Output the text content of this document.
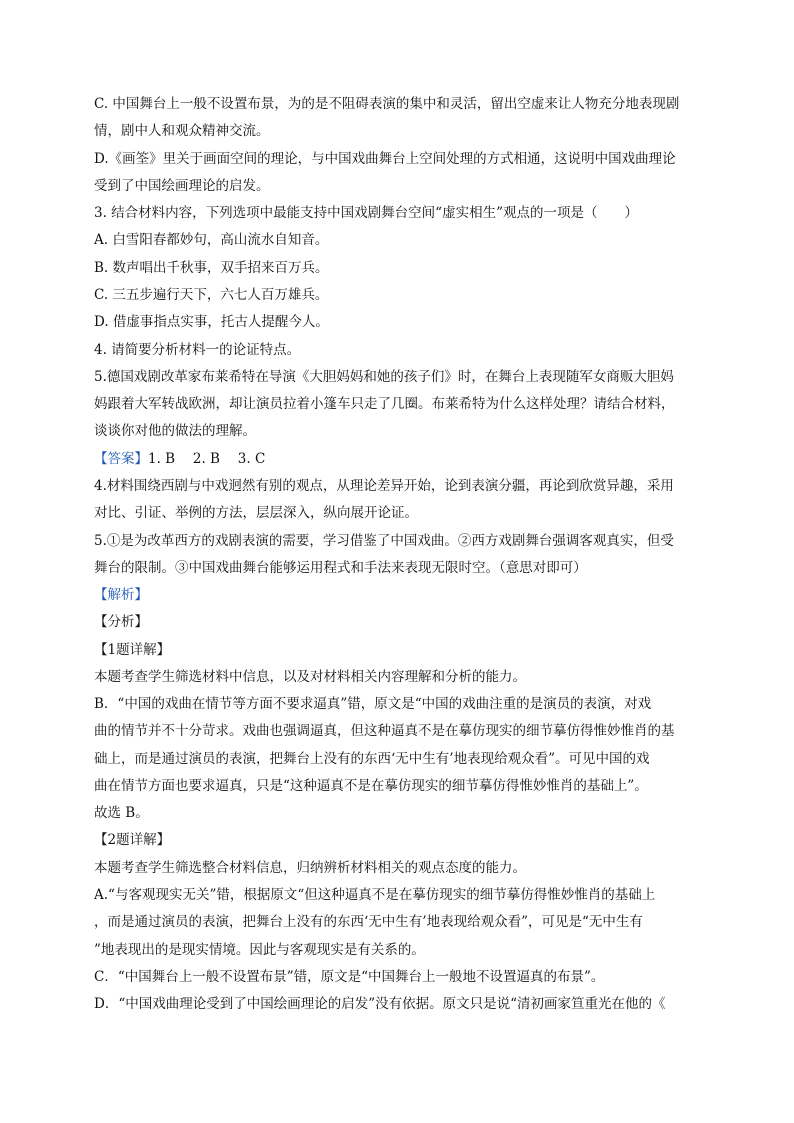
C. 中国舞台上一般不设置布景，为的是不阻碍表演的集中和灵活，留出空虚来让人物充分地表现剧
情，剧中人和观众精神交流。
D.《画筌》里关于画面空间的理论，与中国戏曲舞台上空间处理的方式相通，这说明中国戏曲理论
受到了中国绘画理论的启发。
3. 结合材料内容，下列选项中最能支持中国戏剧舞台空间“虚实相生”观点的一项是（　　）
A. 白雪阳春都妙句，高山流水自知音。
B. 数声唱出千秋事，双手招来百万兵。
C. 三五步遍行天下，六七人百万雄兵。
D. 借虚事指点实事，托古人提醒今人。
4. 请简要分析材料一的论证特点。
5.德国戏剧改革家布莱希特在导演《大胆妈妈和她的孩子们》时，在舞台上表现随军女商贩大胆妈
妈跟着大军转战欧洲，却让演员拉着小篷车只走了几圈。布莱希特为什么这样处理？请结合材料，
谈谈你对他的做法的理解。
【答案】1. B　 2. B　 3. C
4.材料围绕西剧与中戏迥然有别的观点，从理论差异开始，论到表演分疆，再论到欣赏异趣，采用
对比、引证、举例的方法，层层深入，纵向展开论证。
5.①是为改革西方的戏剧表演的需要，学习借鉴了中国戏曲。②西方戏剧舞台强调客观真实，但受
舞台的限制。③中国戏曲舞台能够运用程式和手法来表现无限时空。（意思对即可）
【解析】
【分析】
【1题详解】
本题考查学生筛选材料中信息，以及对材料相关内容理解和分析的能力。
B．“中国的戏曲在情节等方面不要求逼真”错，原文是“中国的戏曲注重的是演员的表演，对戏
曲的情节并不十分苛求。戏曲也强调逼真，但这种逼真不是在摹仿现实的细节摹仿得惟妙惟肖的基
础上，而是通过演员的表演，把舞台上没有的东西‘无中生有’地表现给观众看”。可见中国的戏
曲在情节方面也要求逼真，只是“这种逼真不是在摹仿现实的细节摹仿得惟妙惟肖的基础上”。
故选 B。
【2题详解】
本题考查学生筛选整合材料信息，归纳辨析材料相关的观点态度的能力。
A.“与客观现实无关”错，根据原文“但这种逼真不是在摹仿现实的细节摹仿得惟妙惟肖的基础上
，而是通过演员的表演，把舞台上没有的东西‘无中生有’地表现给观众看”，可见是“无中生有
”地表现出的是现实情境。因此与客观现实是有关系的。
C．“中国舞台上一般不设置布景”错，原文是“中国舞台上一般地不设置逼真的布景”。
D．“中国戏曲理论受到了中国绘画理论的启发”没有依据。原文只是说“清初画家笪重光在他的《
